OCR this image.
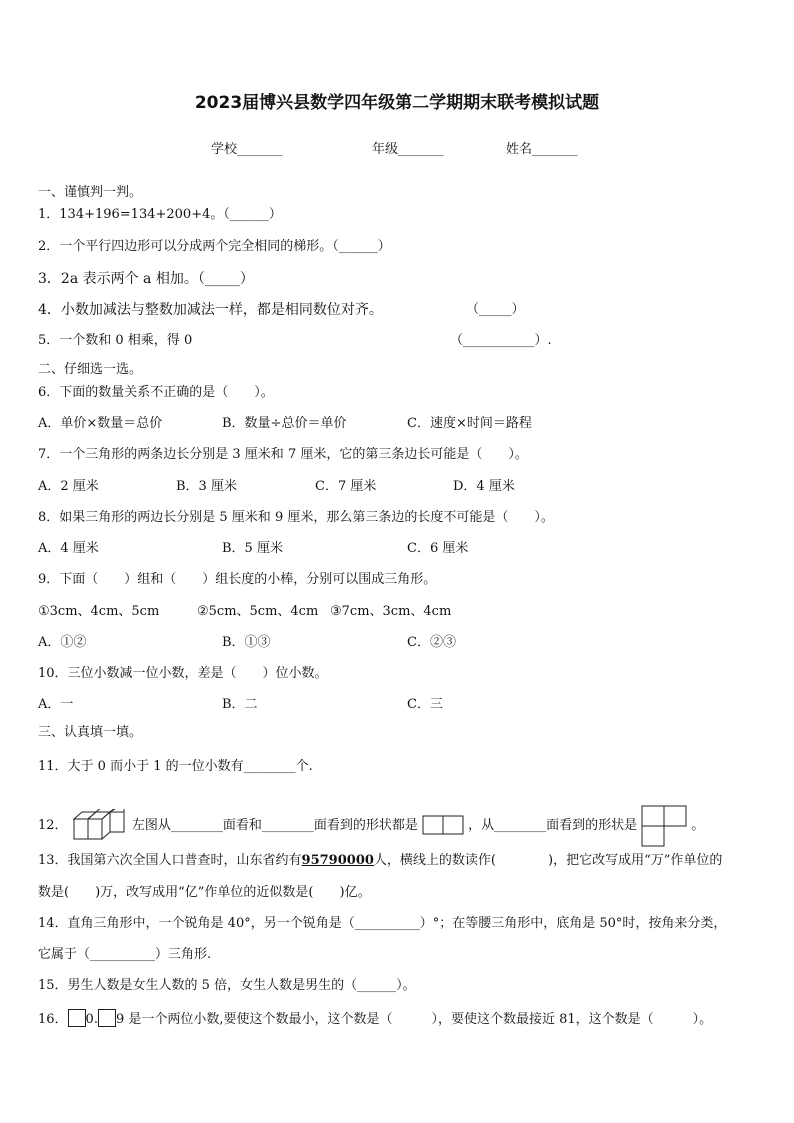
2023届博兴县数学四年级第二学期期末联考模拟试题
学校_______	年级_______	姓名_______
一、谨慎判一判。
1．134+196=134+200+4。（______）
2．一个平行四边形可以分成两个完全相同的梯形。（______）
3．2a 表示两个 a 相加。（_____）
4．小数加减法与整数加减法一样，都是相同数位对齐。	（_____）
5．一个数和 0 相乘，得 0	（___________）.
二、仔细选一选。
6．下面的数量关系不正确的是（　　）。
A．单价×数量＝总价	B．数量÷总价＝单价	C．速度×时间＝路程
7．一个三角形的两条边长分别是 3 厘米和 7 厘米，它的第三条边长可能是（　　）。
A．2 厘米	B．3 厘米	C．7 厘米	D．4 厘米
8．如果三角形的两边长分别是 5 厘米和 9 厘米，那么第三条边的长度不可能是（　　）。
A．4 厘米	B．5 厘米	C．6 厘米
9．下面（　　）组和（　　）组长度的小棒，分别可以围成三角形。
①3cm、4cm、5cm	②5cm、5cm、4cm ③7cm、3cm、4cm
A．①②	B．①③	C．②③
10．三位小数减一位小数，差是（　　）位小数。
A．一	B．二	C．三
三、认真填一填。
11．大于 0 而小于 1 的一位小数有________个.
12．	左图从________面看和________面看到的形状都是	，从________面看到的形状是	。
13．我国第六次全国人口普查时，山东省约有95790000人，横线上的数读作(　　　　)，把它改写成用“万”作单位的
数是(　　)万，改写成用“亿”作单位的近似数是(　　)亿。
14．直角三角形中，一个锐角是 40°，另一个锐角是（__________）°；在等腰三角形中，底角是 50°时，按角来分类，
它属于（__________）三角形.
15．男生人数是女生人数的 5 倍，女生人数是男生的（______）。
16． 0. 9 是一个两位小数,要使这个数最小，这个数是（　　　），要使这个数最接近 81，这个数是（　　　）。
